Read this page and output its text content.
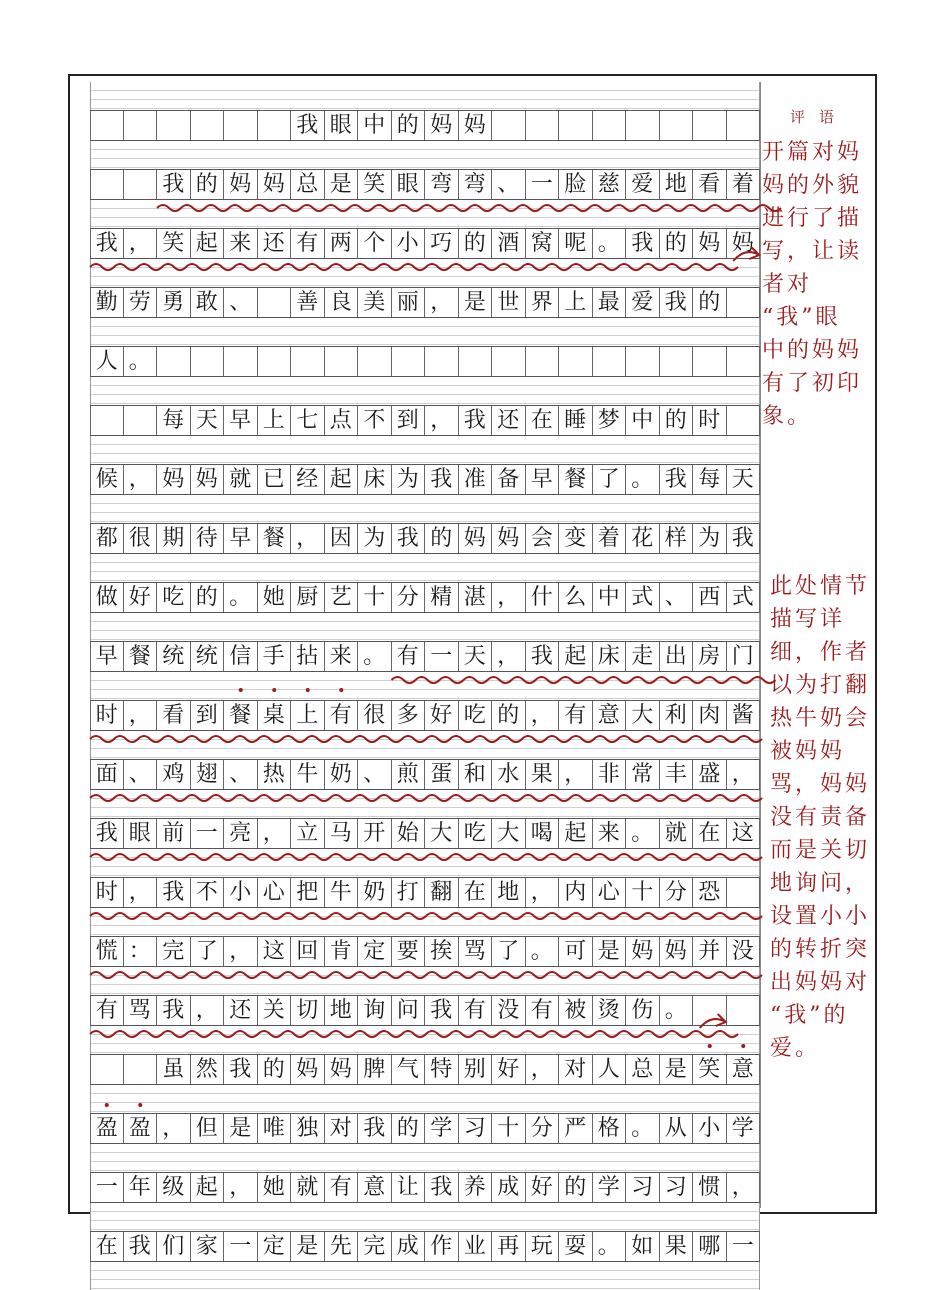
我 眼 中 的 妈 妈
我 的 妈 妈 总 是 笑 眼 弯 弯 、 一 脸 慈 爱 地 看 着
我 ， 笑 起 来 还 有 两 个 小 巧 的 酒 窝 呢 。 我 的 妈 妈
勤 劳 勇 敢 、 善 良 美 丽 ， 是 世 界 上 最 爱 我 的
人 。
每 天 早 上 七 点 不 到 ， 我 还 在 睡 梦 中 的 时
候 ， 妈 妈 就 已 经 起 床 为 我 准 备 早 餐 了 。 我 每 天
都 很 期 待 早 餐 ， 因 为 我 的 妈 妈 会 变 着 花 样 为 我
做 好 吃 的 。 她 厨 艺 十 分 精 湛 ， 什 么 中 式 、 西 式
早 餐 统 统 信 手 拈 来 。 有 一 天 ， 我 起 床 走 出 房 门
时 ， 看 到 餐 桌 上 有 很 多 好 吃 的 ， 有 意 大 利 肉 酱
面 、 鸡 翅 、 热 牛 奶 、 煎 蛋 和 水 果 ， 非 常 丰 盛 ，
我 眼 前 一 亮 ， 立 马 开 始 大 吃 大 喝 起 来 。 就 在 这
时 ， 我 不 小 心 把 牛 奶 打 翻 在 地 ， 内 心 十 分 恐
慌 ： 完 了 ， 这 回 肯 定 要 挨 骂 了 。 可 是 妈 妈 并 没
有 骂 我 ， 还 关 切 地 询 问 我 有 没 有 被 烫 伤 。
虽 然 我 的 妈 妈 脾 气 特 别 好 ， 对 人 总 是 笑 意
盈 盈 ， 但 是 唯 独 对 我 的 学 习 十 分 严 格 。 从 小 学
一 年 级 起 ， 她 就 有 意 让 我 养 成 好 的 学 习 习 惯 ，
在 我 们 家 一 定 是 先 完 成 作 业 再 玩 耍 。 如 果 哪 一
评语
开篇对妈
妈的外貌
进行了描
写，让读
者对
“我”眼
中的妈妈
有了初印
象。
此处情节
描写详
细，作者
以为打翻
热牛奶会
被妈妈
骂，妈妈
没有责备
而是关切
地询问，
设置小小
的转折突
出妈妈对
“我”的
爱。
